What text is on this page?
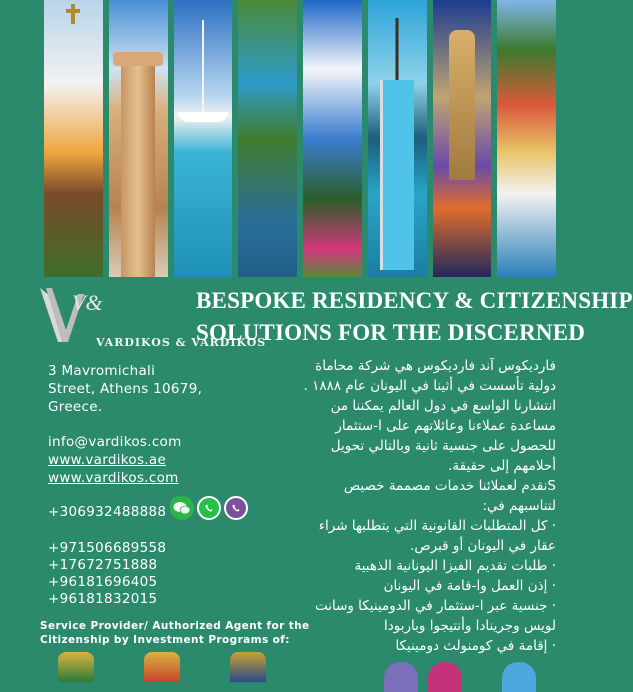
V&
VARDIKOS & VARDIKOS
BESPOKE RESIDENCY & CITIZENSHIP
SOLUTIONS FOR THE DISCERNED
3 Mavromichali
Street, Athens 10679,
Greece.
info@vardikos.com
www.vardikos.ae
www.vardikos.com
+306932488888
+971506689558
+17672751888
+96181696405
+96181832015
Service Provider/ Authorized Agent for the
Citizenship by Investment Programs of:

فارديكوس آند فارديكوس هي شركة محاماة

دولية تأسست في أثينا في اليونان عام ١٨٨٨ .

انتشارنا الواسع في دول العالم يمكننا من

مساعدة عملاءنا وعائلاتهم على ا-ستثمار

للحصول على جنسية ثانية وبالتالي تحويل

أحلامهم إلى حقيقة.

Sنقدم لعملائنا خدمات مصممة خصيص

لتناسبهم في:

· كل المتطلبات القانونية التي يتطلبها شراء

عقار في اليونان أو قبرص.

· طلبات تقديم الفيزا اليونانية الذهبية

· إذن العمل وا-قامة في اليونان

· جنسية عبر ا-ستثمار في الدومينيكا وسانت

لويس وجرينادا وأنتيجوا وباربودا

· إقامة في كومنولث دومينيكا
